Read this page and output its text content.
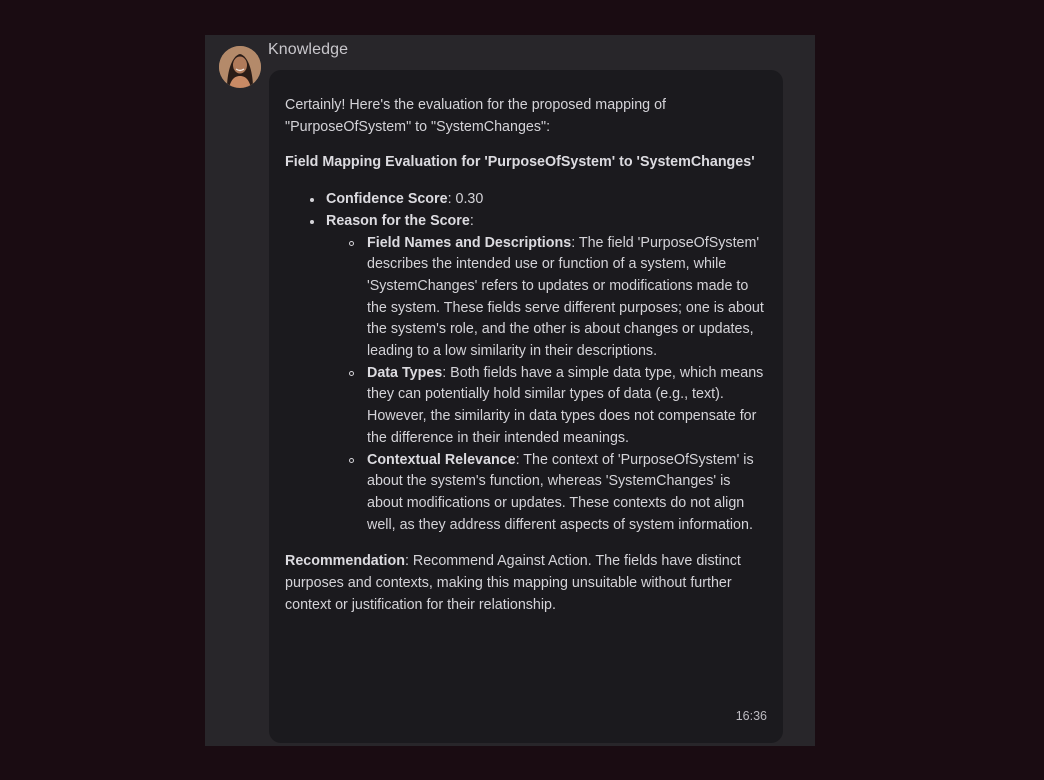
Knowledge

Certainly! Here's the evaluation for the proposed mapping of "PurposeOfSystem" to "SystemChanges":

Field Mapping Evaluation for 'PurposeOfSystem' to 'SystemChanges'

Confidence Score: 0.30
Reason for the Score:
Field Names and Descriptions: The field 'PurposeOfSystem' describes the intended use or function of a system, while 'SystemChanges' refers to updates or modifications made to the system. These fields serve different purposes; one is about the system's role, and the other is about changes or updates, leading to a low similarity in their descriptions.
Data Types: Both fields have a simple data type, which means they can potentially hold similar types of data (e.g., text). However, the similarity in data types does not compensate for the difference in their intended meanings.
Contextual Relevance: The context of 'PurposeOfSystem' is about the system's function, whereas 'SystemChanges' is about modifications or updates. These contexts do not align well, as they address different aspects of system information.

Recommendation: Recommend Against Action. The fields have distinct purposes and contexts, making this mapping unsuitable without further context or justification for their relationship.

16:36
